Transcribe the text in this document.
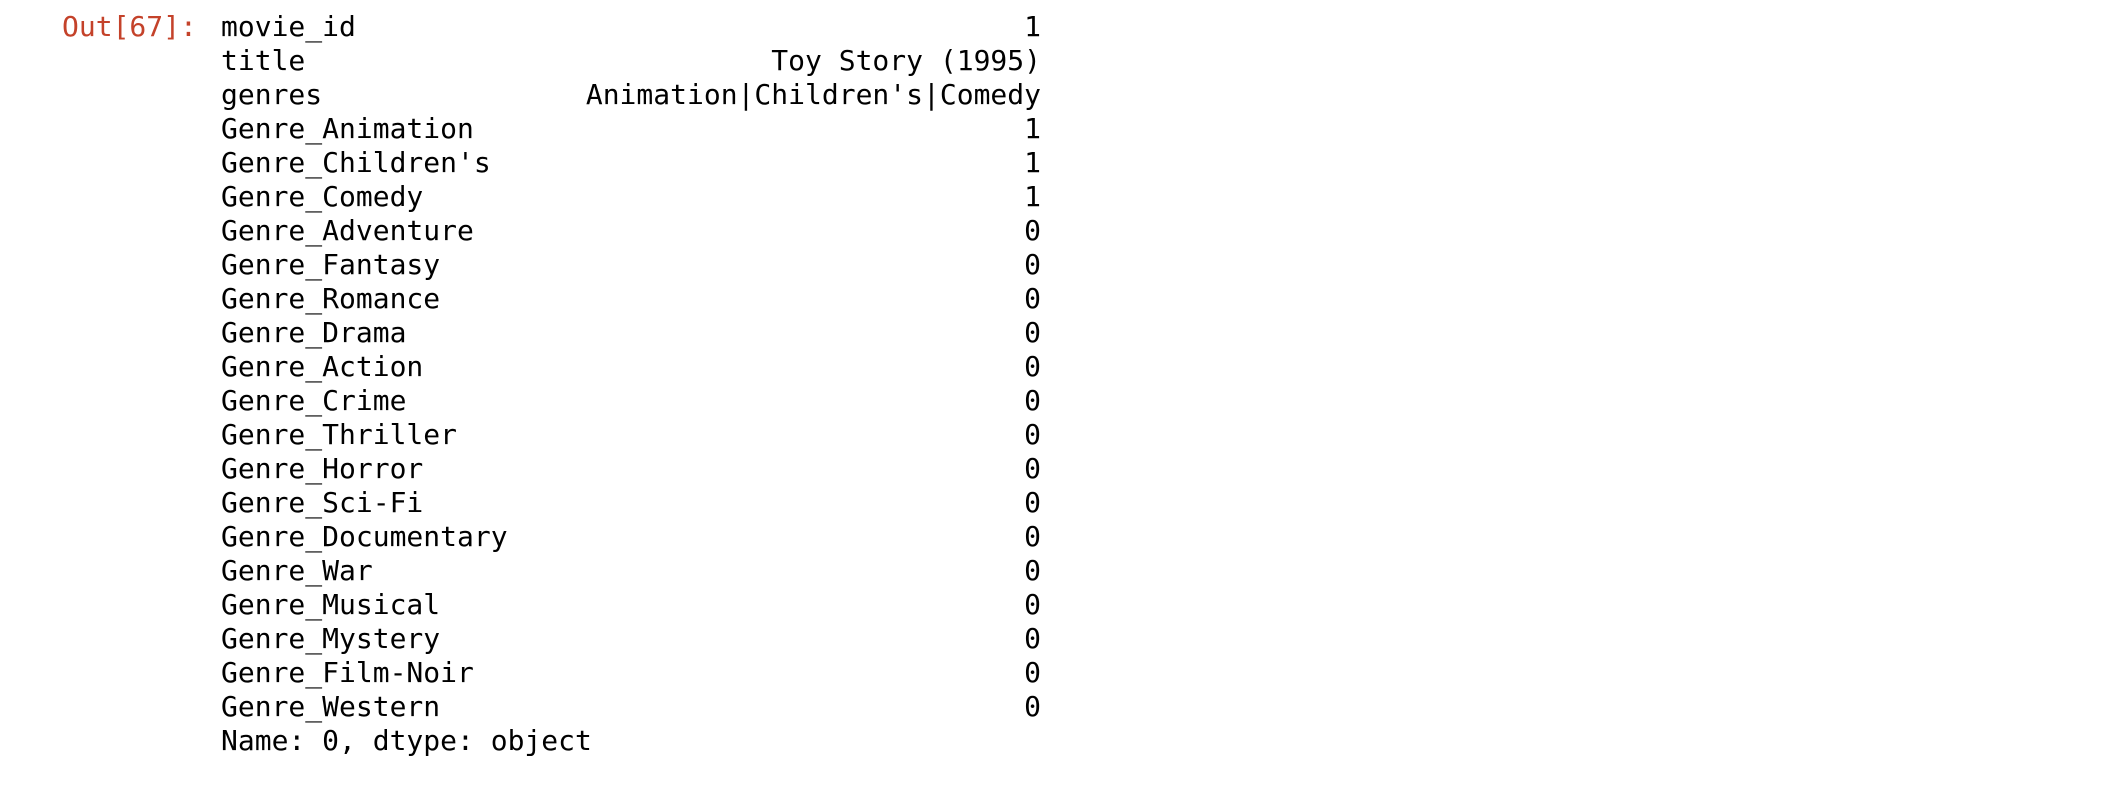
Out[67]: movie_id	1
title	Toy Story (1995)
genres	Animation|Children's|Comedy
Genre_Animation	1
Genre_Children's	1
Genre_Comedy	1
Genre_Adventure	0
Genre_Fantasy	0
Genre_Romance	0
Genre_Drama	0
Genre_Action	0
Genre_Crime	0
Genre_Thriller	0
Genre_Horror	0
Genre_Sci-Fi	0
Genre_Documentary	0
Genre_War	0
Genre_Musical	0
Genre_Mystery	0
Genre_Film-Noir	0
Genre_Western	0
Name: 0, dtype: object
